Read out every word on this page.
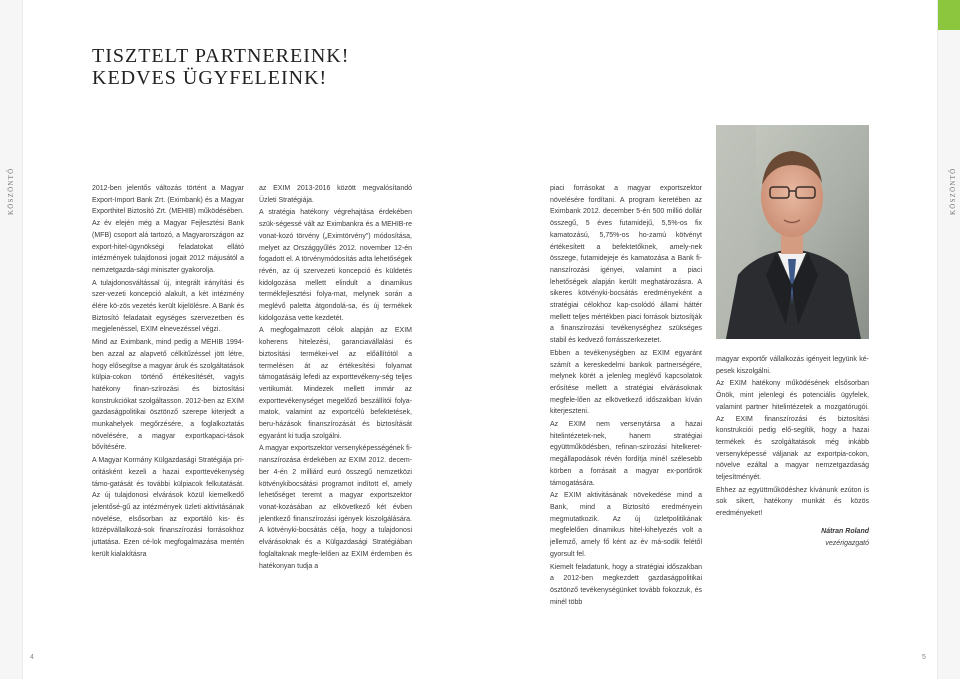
KÖSZÖNTŐ	KÖSZÖNTŐ
TISZTELT PARTNEREINK!
KEDVES ÜGYFELEINK!

2012-ben jelentős változás történt a Magyar Export-Import Bank Zrt. (Eximbank) és a Magyar Exporthitel Biztosító Zrt. (MEHIB) működésében. Az év elején még a Magyar Fejlesztési Bank (MFB) csoport alá tartozó, a Magyarországon az export-hitel-ügynökségi feladatokat ellátó intézmények tulajdonosi jogait 2012 májusától a nemzetgazda-sági miniszter gyakorolja.

A tulajdonosváltással új, integrált irányítási és szer-vezeti koncepció alakult, a két intézmény élére kö-zös vezetés került kijelölésre. A Bank és Biztosító feladatait egységes szervezetben és megjelenéssel, EXIM elnevezéssel végzi.

Mind az Eximbank, mind pedig a MEHIB 1994-ben azzal az alapvető célkitűzéssel jött létre, hogy elősegítse a magyar áruk és szolgáltatások külpia-cokon történő értékesítését, vagyis hatékony finan-szírozási és biztosítási konstrukciókat szolgáltasson. 2012-ben az EXIM gazdaságpolitikai ösztönző szerepe kiterjedt a munkahelyek megőrzésére, a foglalkoztatás növelésére, a magyar exportkapaci-tások bővítésére.

A Magyar Kormány Külgazdasági Stratégiája pri-oritásként kezeli a hazai exporttevékenység támo-gatását és további külpiacok felkutatását. Az új tulajdonosi elvárások közül kiemelkedő jelentősé-gű az intézmények üzleti aktivitásának növelése, elsősorban az exportáló kis- és középvállalkozá-sok finanszírozási forrásokhoz juttatása. Ezen cé-lok megfogalmazása mentén került kialakításra

az EXIM 2013-2016 között megvalósítandó Üzleti Stratégiája.

A stratégia hatékony végrehajtása érdekében szük-ségessé vált az Eximbankra és a MEHIB-re vonat-kozó törvény („Eximtörvény") módosítása, melyet az Országgyűlés 2012. november 12-én fogadott el. A törvénymódosítás adta lehetőségek révén, az új szervezeti koncepció és küldetés kidolgozása mellett elindult a dinamikus termékfejlesztési folya-mat, melynek során a meglévő paletta átgondolá-sa, és új termékek kidolgozása vette kezdetét.

A megfogalmazott célok alapján az EXIM koherens hitelezési, garanciavállalási és biztosítási termékei-vel az előállítótól a termelésen át az értékesítési folyamat támogatásáig lefedi az exporttevékeny-ség teljes vertikumát. Mindezek mellett immár az exporttevékenységet megelőző beszállítói folya-matok, valamint az exportcélú befektetések, beru-házások finanszírozását és biztosítását egyaránt ki tudja szolgálni.

A magyar exportszektor versenyképességének fi-nanszírozása érdekében az EXIM 2012. decem-ber 4-én 2 milliárd euró összegű nemzetközi kötvénykibocsátási programot indított el, amely lehetőséget teremt a magyar exportszektor vonat-kozásában az elkövetkező két évben jelentkező finanszírozási igények kiszolgálására. A kötvényki-bocsátás célja, hogy a tulajdonosi elvárásoknak és a Külgazdasági Stratégiában foglaltaknak megfe-lelően az EXIM érdemben és hatékonyan tudja a

piaci forrásokat a magyar exportszektor növelésére fordítani. A program keretében az Eximbank 2012. december 5-én 500 millió dollár összegű, 5 éves futamidejű, 5,5%-os fix kamatozású, 5,75%-os ho-zamú kötvényt értékesített a befektetőknek, amely-nek összege, futamidejeje és kamatozása a Bank fi-nanszírozási igényei, valamint a piaci lehetőségek alapján került meghatározásra. A sikeres kötvényki-bocsátás eredményeként a stratégiai célokhoz kap-csolódó állami háttér mellett teljes mértékben piaci források biztosítják a finanszírozási tevékenységhez szükséges stabil és kedvező forrásszerkezetet.

Ebben a tevékenységben az EXIM egyaránt számít a kereskedelmi bankok partnerségére, melynek körét a jelenleg meglévő kapcsolatok erősítése mellett a stratégiai elvárásoknak megfele-lően az elkövetkező időszakban kíván kiterjeszteni.

Az EXIM nem versenytársa a hazai hitelintézetek-nek, hanem stratégiai együttműködésben, refinan-szírozási hitelkeret-megállapodások révén fordítja minél szélesebb körben a forrásait a magyar ex-portőrök támogatására.

Az EXIM aktivitásának növekedése mind a Bank, mind a Biztosító eredményein megmutatkozik. Az új üzletpolitikának megfelelően dinamikus hitel-kihelyezés volt a jellemző, amely fő ként az év má-sodik felétől gyorsult fel.

Kiemelt feladatunk, hogy a stratégiai időszakban a 2012-ben megkezdett gazdaságpolitikai ösztönző tevékenységünket tovább fokozzuk, és minél több

magyar exportőr vállalkozás igényeit legyünk ké-pesek kiszolgálni.

Az EXIM hatékony működésének elsősorban Önök, mint jelenlegi és potenciális ügyfelek, valamint partner hitelintézetek a mozgatórugói. Az EXIM finanszírozási és biztosítási konstrukciói pedig elő-segítik, hogy a hazai termékek és szolgáltatások még inkább versenyképessé váljanak az exportpia-cokon, növelve ezáltal a magyar nemzetgazdaság teljesítményét.

Ehhez az együttműködéshez kívánunk ezúton is sok sikert, hatékony munkát és közös eredményeket!

Nátran Roland
vezérigazgató
4	5
